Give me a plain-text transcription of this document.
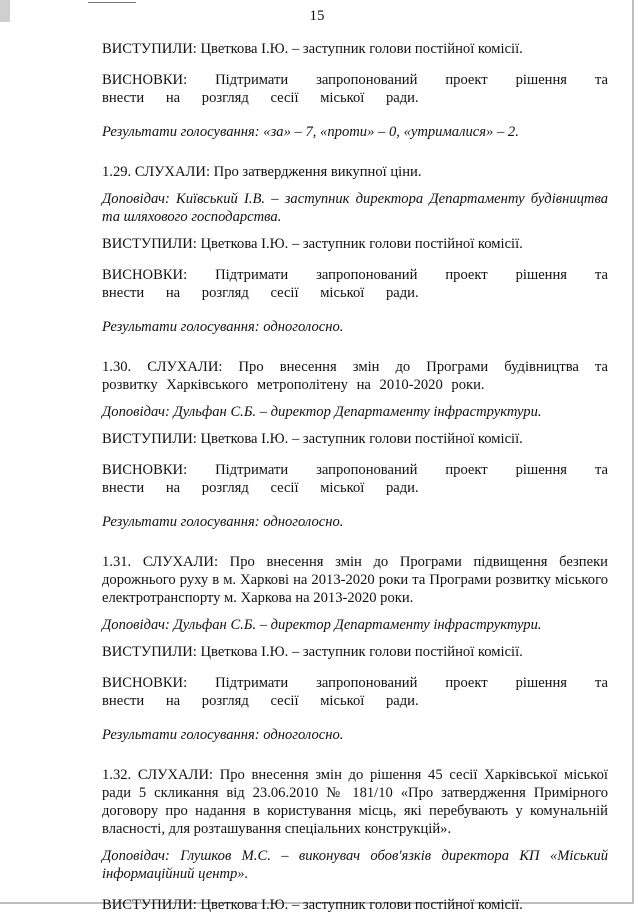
15

ВИСТУПИЛИ: Цветкова І.Ю. – заступник голови постійної комісії.

ВИСНОВКИ: Підтримати запропонований проект рішення та внести на розгляд сесії міської ради.

Результати голосування: «за» – 7, «проти» – 0, «утрималися» – 2.

1.29. СЛУХАЛИ: Про затвердження викупної ціни.

Доповідач: Київський І.В. – заступник директора Департаменту будівництва та шляхового господарства.

ВИСТУПИЛИ: Цветкова І.Ю. – заступник голови постійної комісії.

ВИСНОВКИ: Підтримати запропонований проект рішення та внести на розгляд сесії міської ради.

Результати голосування: одноголосно.

1.30. СЛУХАЛИ: Про внесення змін до Програми будівництва та розвитку Харківського метрополітену на 2010-2020 роки.

Доповідач: Дульфан С.Б. – директор Департаменту інфраструктури.

ВИСТУПИЛИ: Цветкова І.Ю. – заступник голови постійної комісії.

ВИСНОВКИ: Підтримати запропонований проект рішення та внести на розгляд сесії міської ради.

Результати голосування: одноголосно.

1.31. СЛУХАЛИ: Про внесення змін до Програми підвищення безпеки дорожнього руху в м. Харкові на 2013-2020 роки та Програми розвитку міського електротранспорту м. Харкова на 2013-2020 роки.

Доповідач: Дульфан С.Б. – директор Департаменту інфраструктури.

ВИСТУПИЛИ: Цветкова І.Ю. – заступник голови постійної комісії.

ВИСНОВКИ: Підтримати запропонований проект рішення та внести на розгляд сесії міської ради.

Результати голосування: одноголосно.

1.32. СЛУХАЛИ: Про внесення змін до рішення 45 сесії Харківської міської ради 5 скликання від 23.06.2010 № 181/10 «Про затвердження Примірного договору про надання в користування місць, які перебувають у комунальній власності, для розташування спеціальних конструкцій».

Доповідач: Глушков М.С. – виконувач обов'язків директора КП «Міський інформаційний центр».

ВИСТУПИЛИ: Цветкова І.Ю. – заступник голови постійної комісії.
